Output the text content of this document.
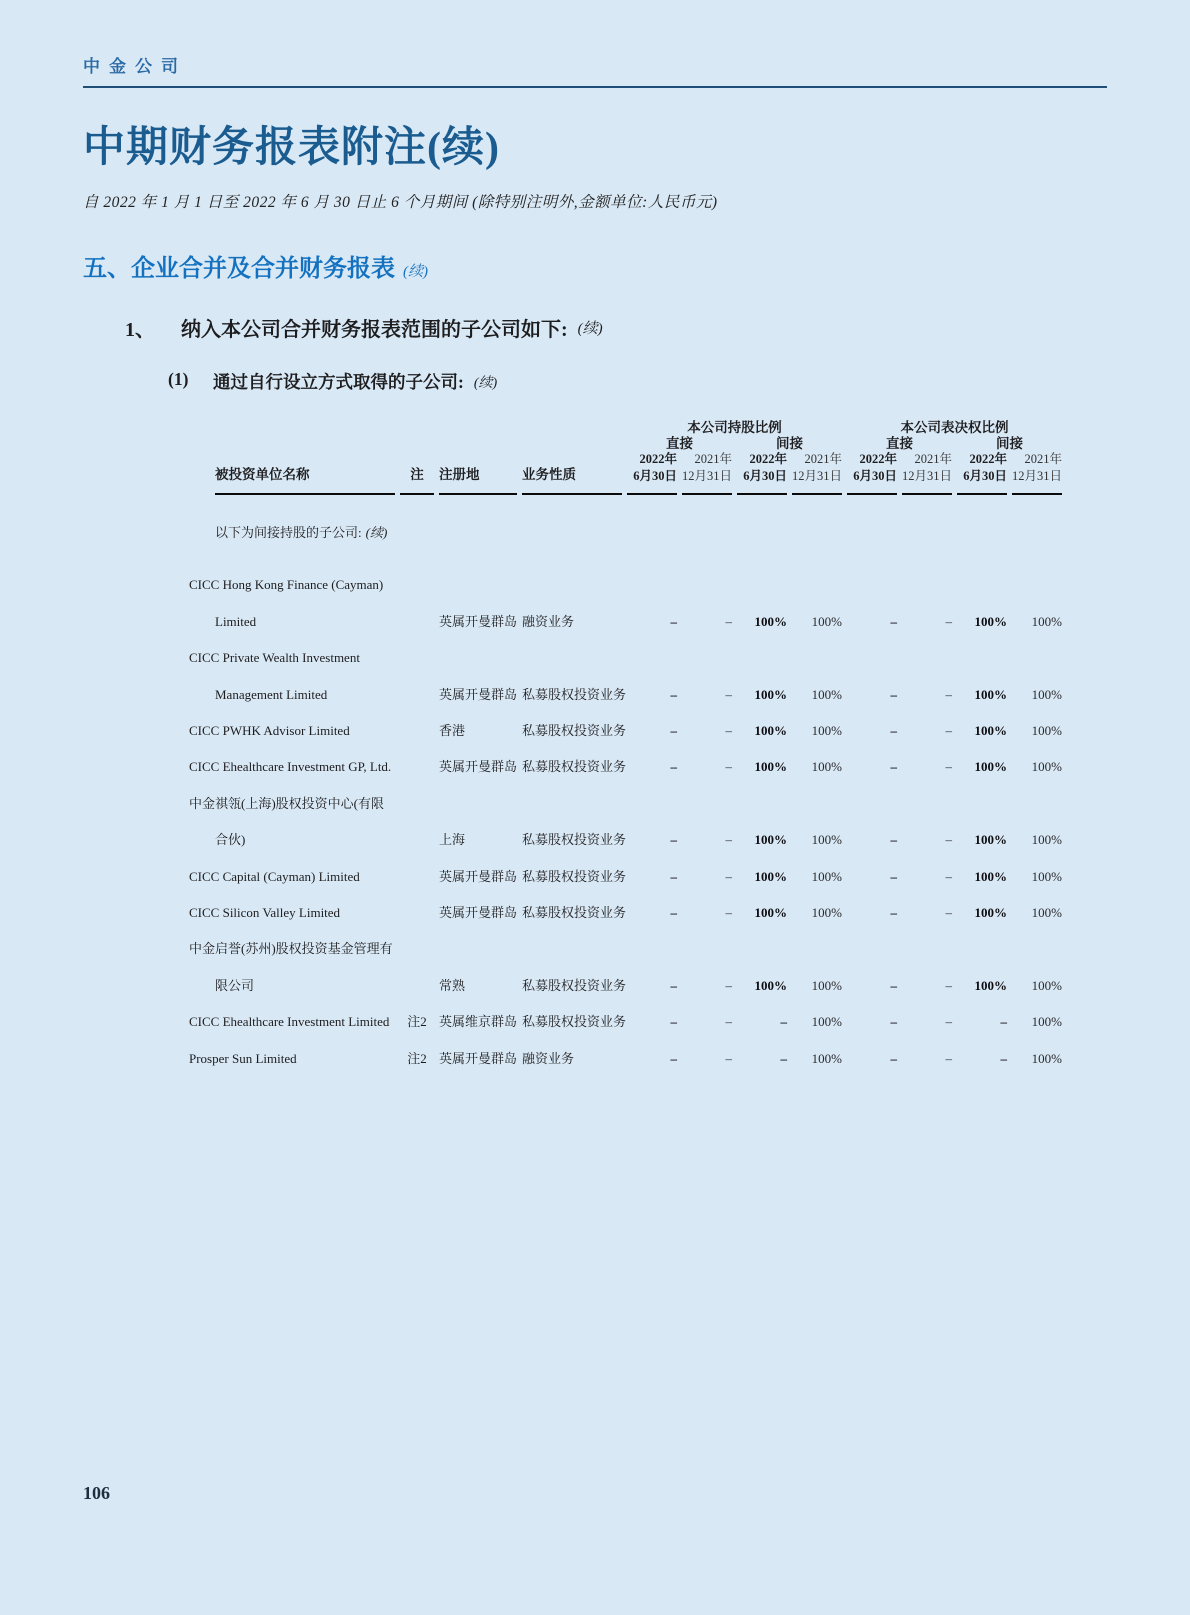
中金公司
中期财务报表附注(续)
自 2022 年 1 月 1 日至 2022 年 6 月 30 日止 6 个月期间 (除特别注明外,金额单位:人民币元)
五、企业合并及合并财务报表 (续)
1、	纳入本公司合并财务报表范围的子公司如下: (续)
(1)	通过自行设立方式取得的子公司: (续)
				本公司持股比例				本公司表决权比例			
				直接		间接		直接		间接	
				2022年	2021年	2022年	2021年	2022年	2021年	2022年	2021年
被投资单位名称	注	注册地	业务性质	6月30日	12月31日	6月30日	12月31日	6月30日	12月31日	6月30日	12月31日
以下为间接持股的子公司: (续)											
CICC Hong Kong Finance (Cayman) Limited		英属开曼群岛	融资业务	–	–	100%	100%	–	–	100%	100%
CICC Private Wealth Investment Management Limited		英属开曼群岛	私募股权投资业务	–	–	100%	100%	–	–	100%	100%
CICC PWHK Advisor Limited		香港	私募股权投资业务	–	–	100%	100%	–	–	100%	100%
CICC Ehealthcare Investment GP, Ltd.		英属开曼群岛	私募股权投资业务	–	–	100%	100%	–	–	100%	100%
中金祺瓴(上海)股权投资中心(有限合伙)		上海	私募股权投资业务	–	–	100%	100%	–	–	100%	100%
CICC Capital (Cayman) Limited		英属开曼群岛	私募股权投资业务	–	–	100%	100%	–	–	100%	100%
CICC Silicon Valley Limited		英属开曼群岛	私募股权投资业务	–	–	100%	100%	–	–	100%	100%
中金启誉(苏州)股权投资基金管理有限公司		常熟	私募股权投资业务	–	–	100%	100%	–	–	100%	100%
CICC Ehealthcare Investment Limited	注2	英属维京群岛	私募股权投资业务	–	–	–	100%	–	–	–	100%
Prosper Sun Limited	注2	英属开曼群岛	融资业务	–	–	–	100%	–	–	–	100%
106
